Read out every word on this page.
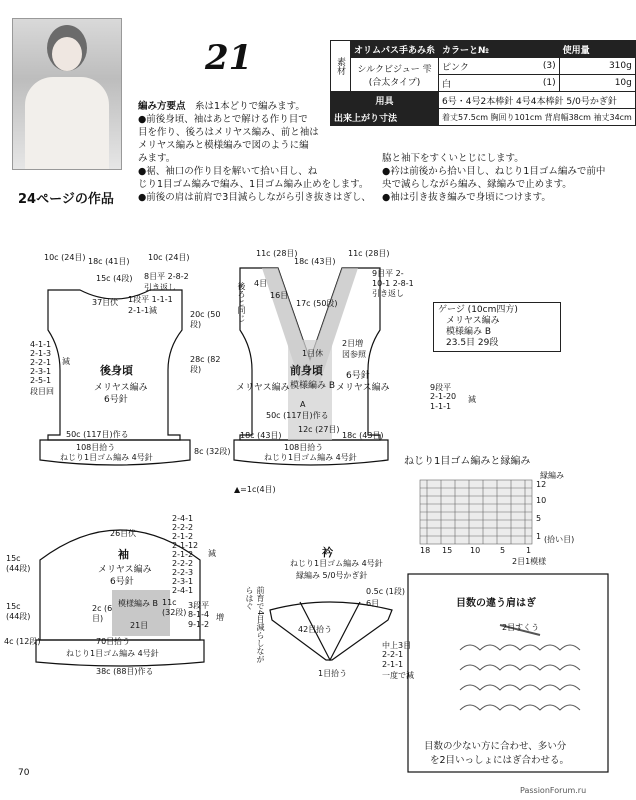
21	素材	オリムパス手あみ糸	カラーと№		使用量

	シルクビジュー 雫
(合太タイプ)	ピンク	(3)	310g
		白	(1)	10g
用具		6号・4号2本棒針 4号4本棒針 5/0号かぎ針		
出来上がり寸法		着丈57.5cm 胸回り101cm 背肩幅38cm 袖丈34cm		
編み方要点　 糸は1本どりで編みます。
●前後身頃、袖はあとで解ける作り目で
目を作り、後ろはメリヤス編み、前と袖は
メリヤス編みと模様編みで図のように編
みます。
●裾、袖口の作り目を解いて拾い目し、ね
じり1目ゴム編みで編み、1目ゴム編み止めをします。
●前後の肩は前肩で3目減らしながら引き抜きはぎし、
脇と袖下をすくいとじにします。
●衿は前後から拾い目し、ねじり1目ゴム編みで前中
央で減らしながら編み、縁編みで止めます。
●袖は引き抜き編みで身頃につけます。
24ページの作品
10c (24目) 18c (41目) 10c (24目)
15c (4段) 8目平 2-8-2引き返し
37目伏 1段平 1-1-1 2-1-1減	20c (50段)
28c (82段)
4-1-1
2-1-3
2-2-1
2-3-1
2-5-1
減
段目回
後身頃
メリヤス編み
6号針
50c (117目)作る
108目拾う
ねじり1目ゴム編み 4号針
8c (32段)
11c (28目)
18c (43目)
11c (28目)
9目平 2-10-1 2-8-1引き返し
後ろと同じ 4目
16目
17c (50段)
1目休
2目増 図参照
前身頃
模様編み B
A
メリヤス編み	メリヤス編み
6号針
50c (117目)作る
18c (43目)
12c (27目)
18c (43目)
108目拾う
ねじり1目ゴム編み 4号針
ゲージ (10cm四方)
メリヤス編み
模様編み B
23.5目 29段
9段平
2-1-20
1-1-1
減
ねじり1目ゴム編みと縁編み
縁編み
12
10
5
1
18 15 10 5	1
(拾い目)
2目1模様
▲=1c(4目)
26目伏
2-4-1
2-2-2
2-1-2
2-1-12
2-1-2
2-2-2
2-2-3
2-3-1
2-4-1
減
袖
メリヤス編み
6号針
15c (44段)
15c (44段)
4c (12段)
模様編み B
21目
2c (6目)
11c (32段)
3段平
8-1-4
9-1-2
増
70目拾う
ねじり1目ゴム編み 4号針
38c (88目)作る
衿
ねじり1目ゴム編み 4号針
縁編み 5/0号かぎ針
前育で4目減らしながらはぐ
42目拾う
1目拾う
0.5c (1段)
6目
中上3目
2-2-1
2-1-1
一度で減
目数の違う肩はぎ
2目すくう
目数の少ない方に合わせ、多い分
を2目いっしょにはぎ合わせる。
70
PassionForum.ru
